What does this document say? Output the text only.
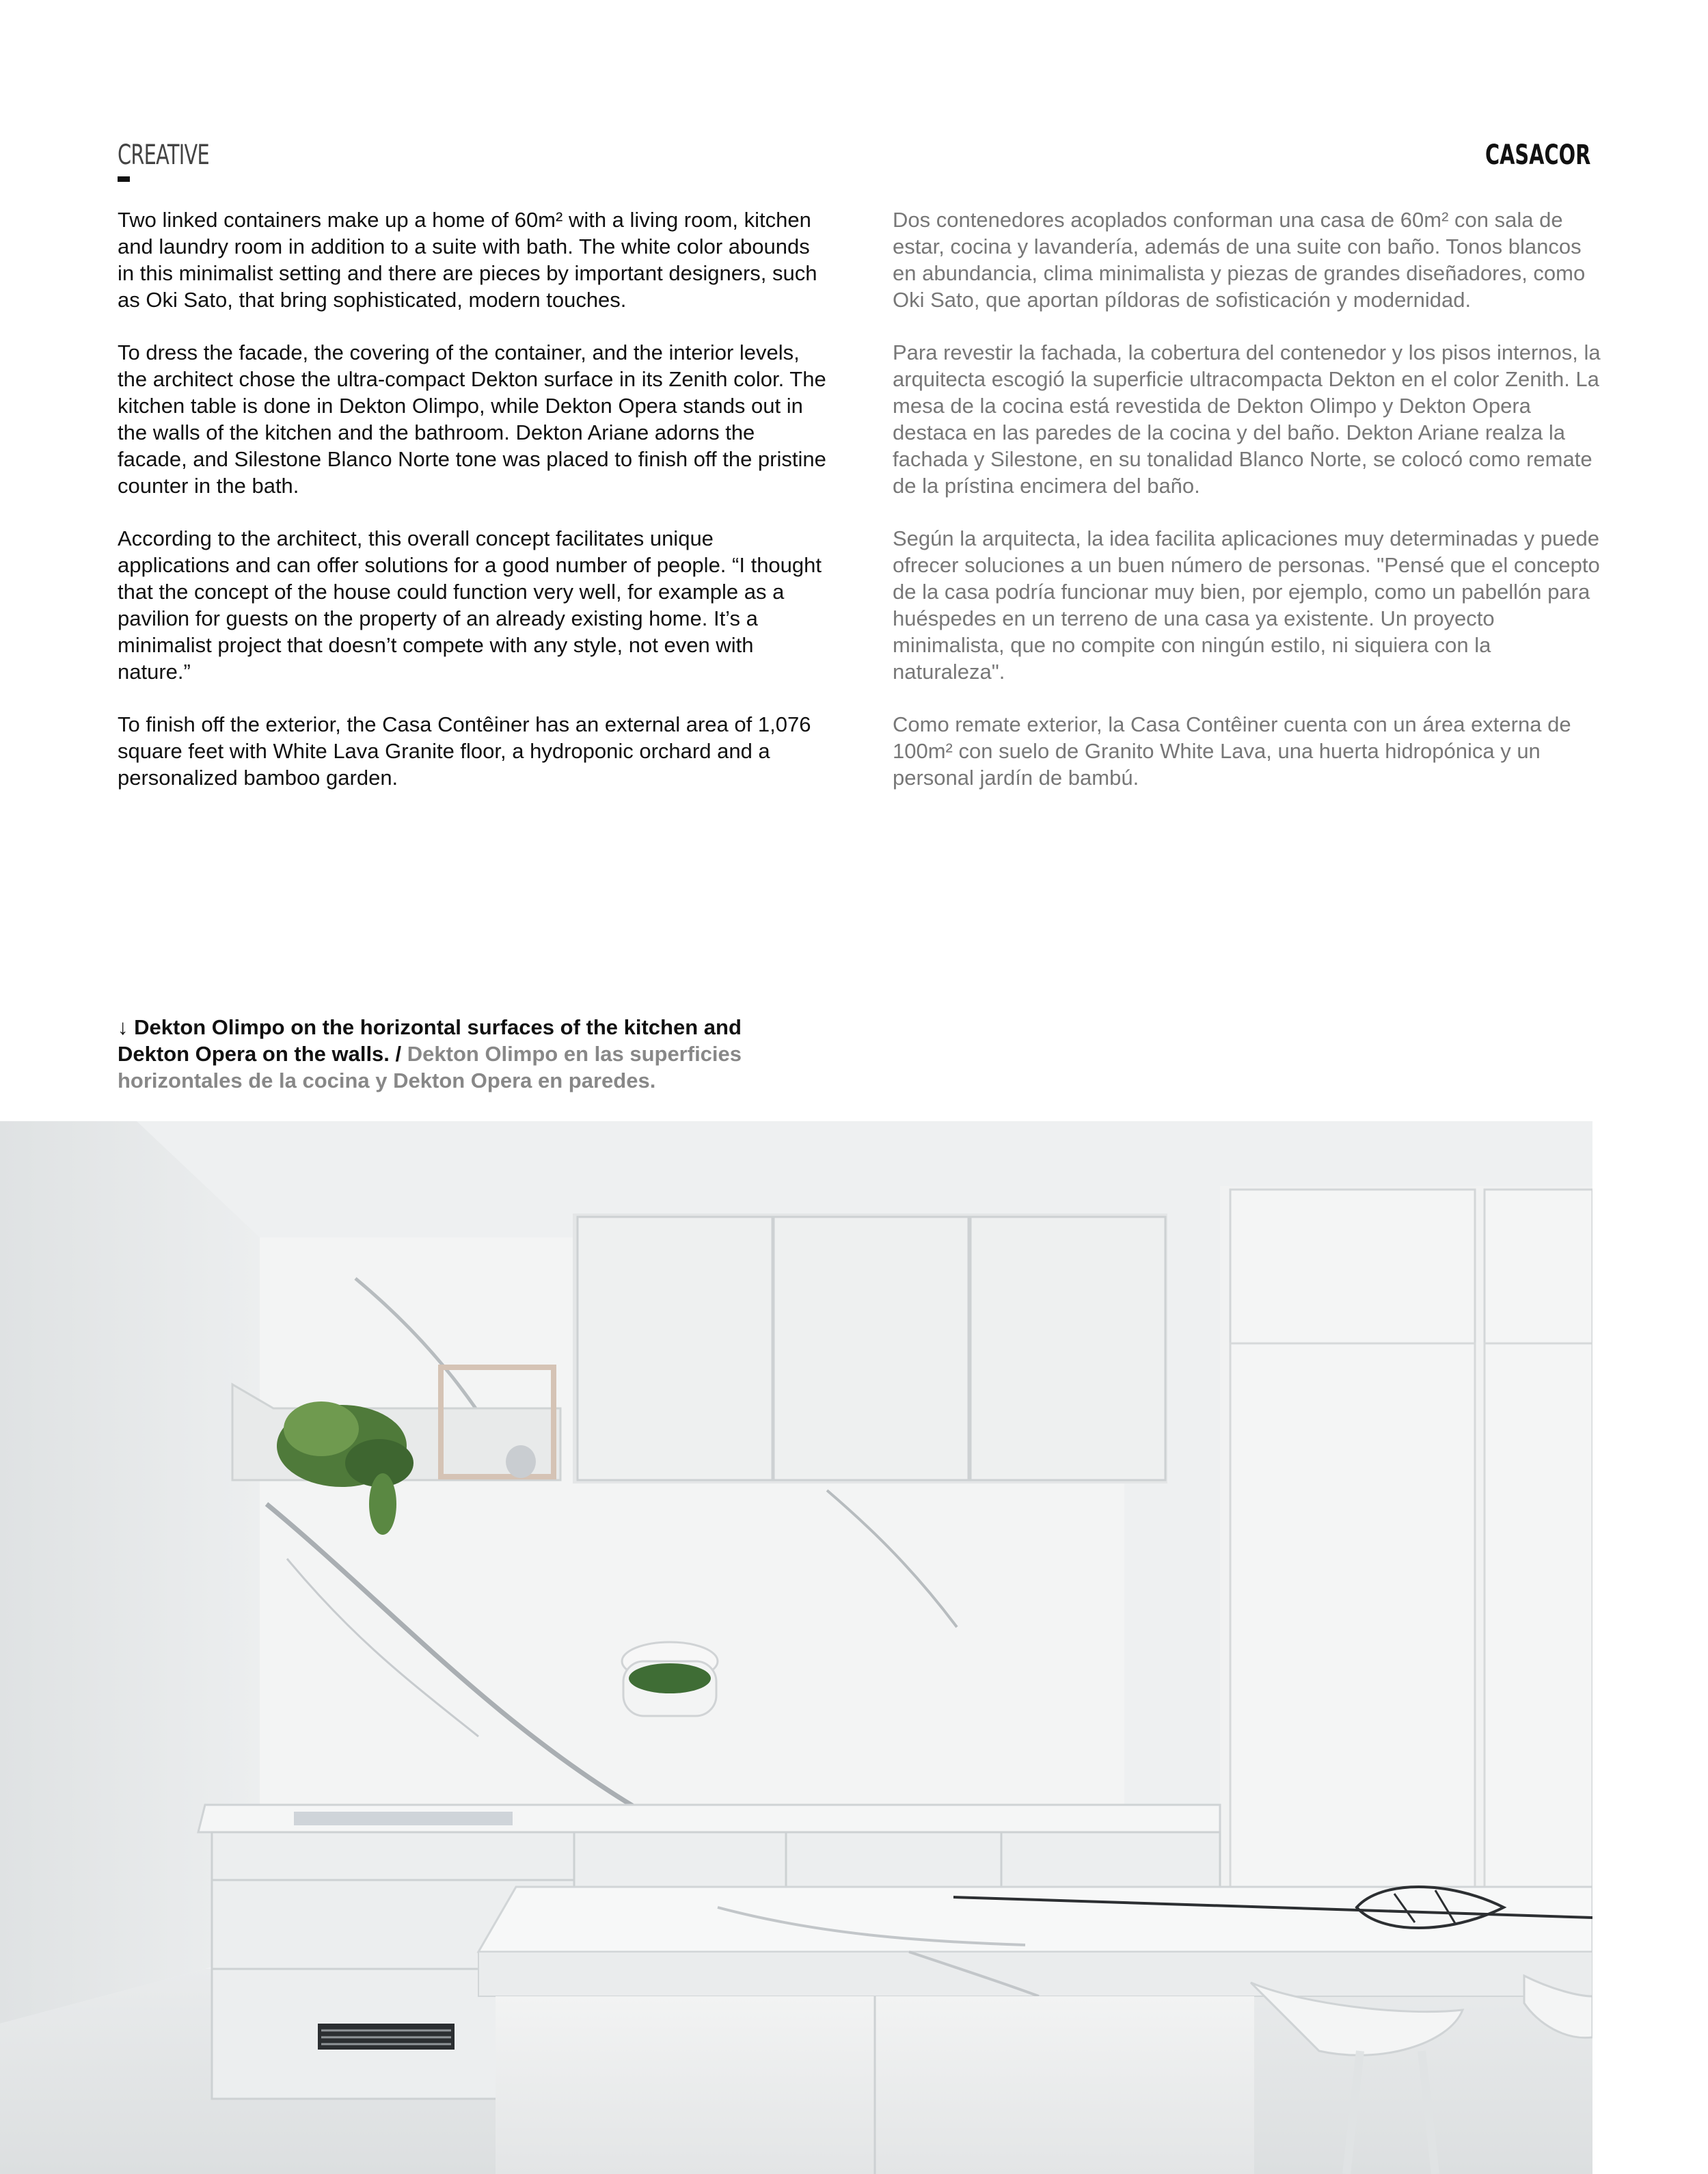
CREATIVE	CASACOR

Two linked containers make up a home of 60m² with a living room, kitchen and laundry room in addition to a suite with bath. The white color abounds in this minimalist setting and there are pieces by important designers, such as Oki Sato, that bring sophisticated, modern touches.

To dress the facade, the covering of the container, and the interior levels, the architect chose the ultra-compact Dekton surface in its Zenith color. The kitchen table is done in Dekton Olimpo, while Dekton Opera stands out in the walls of the kitchen and the bathroom. Dekton Ariane adorns the facade, and Silestone Blanco Norte tone was placed to finish off the pristine counter in the bath.

According to the architect, this overall concept facilitates unique applications and can offer solutions for a good number of people. “I thought that the concept of the house could function very well, for example as a pavilion for guests on the property of an already existing home. It’s a minimalist project that doesn’t compete with any style, not even with nature.”

To finish off the exterior, the Casa Contêiner has an external area of 1,076 square feet with White Lava Granite floor, a hydroponic orchard and a personalized bamboo garden.

Dos contenedores acoplados conforman una casa de 60m² con sala de estar, cocina y lavandería, además de una suite con baño. Tonos blancos en abundancia, clima minimalista y piezas de grandes diseñadores, como Oki Sato, que aportan píldoras de sofisticación y modernidad.

Para revestir la fachada, la cobertura del contenedor y los pisos internos, la arquitecta escogió la superficie ultracompacta Dekton en el color Zenith. La mesa de la cocina está revestida de Dekton Olimpo y Dekton Opera destaca en las paredes de la cocina y del baño. Dekton Ariane realza la fachada y Silestone, en su tonalidad Blanco Norte, se colocó como remate de la prístina encimera del baño.

Según la arquitecta, la idea facilita aplicaciones muy determinadas y puede ofrecer soluciones a un buen número de personas. "Pensé que el concepto de la casa podría funcionar muy bien, por ejemplo, como un pabellón para huéspedes en un terreno de una casa ya existente. Un proyecto minimalista, que no compite con ningún estilo, ni siquiera con la naturaleza".

Como remate exterior, la Casa Contêiner cuenta con un área externa de 100m² con suelo de Granito White Lava, una huerta hidropónica y un personal jardín de bambú.

↓ Dekton Olimpo on the horizontal surfaces of the kitchen and Dekton Opera on the walls. / Dekton Olimpo en las superficies horizontales de la cocina y Dekton Opera en paredes.
